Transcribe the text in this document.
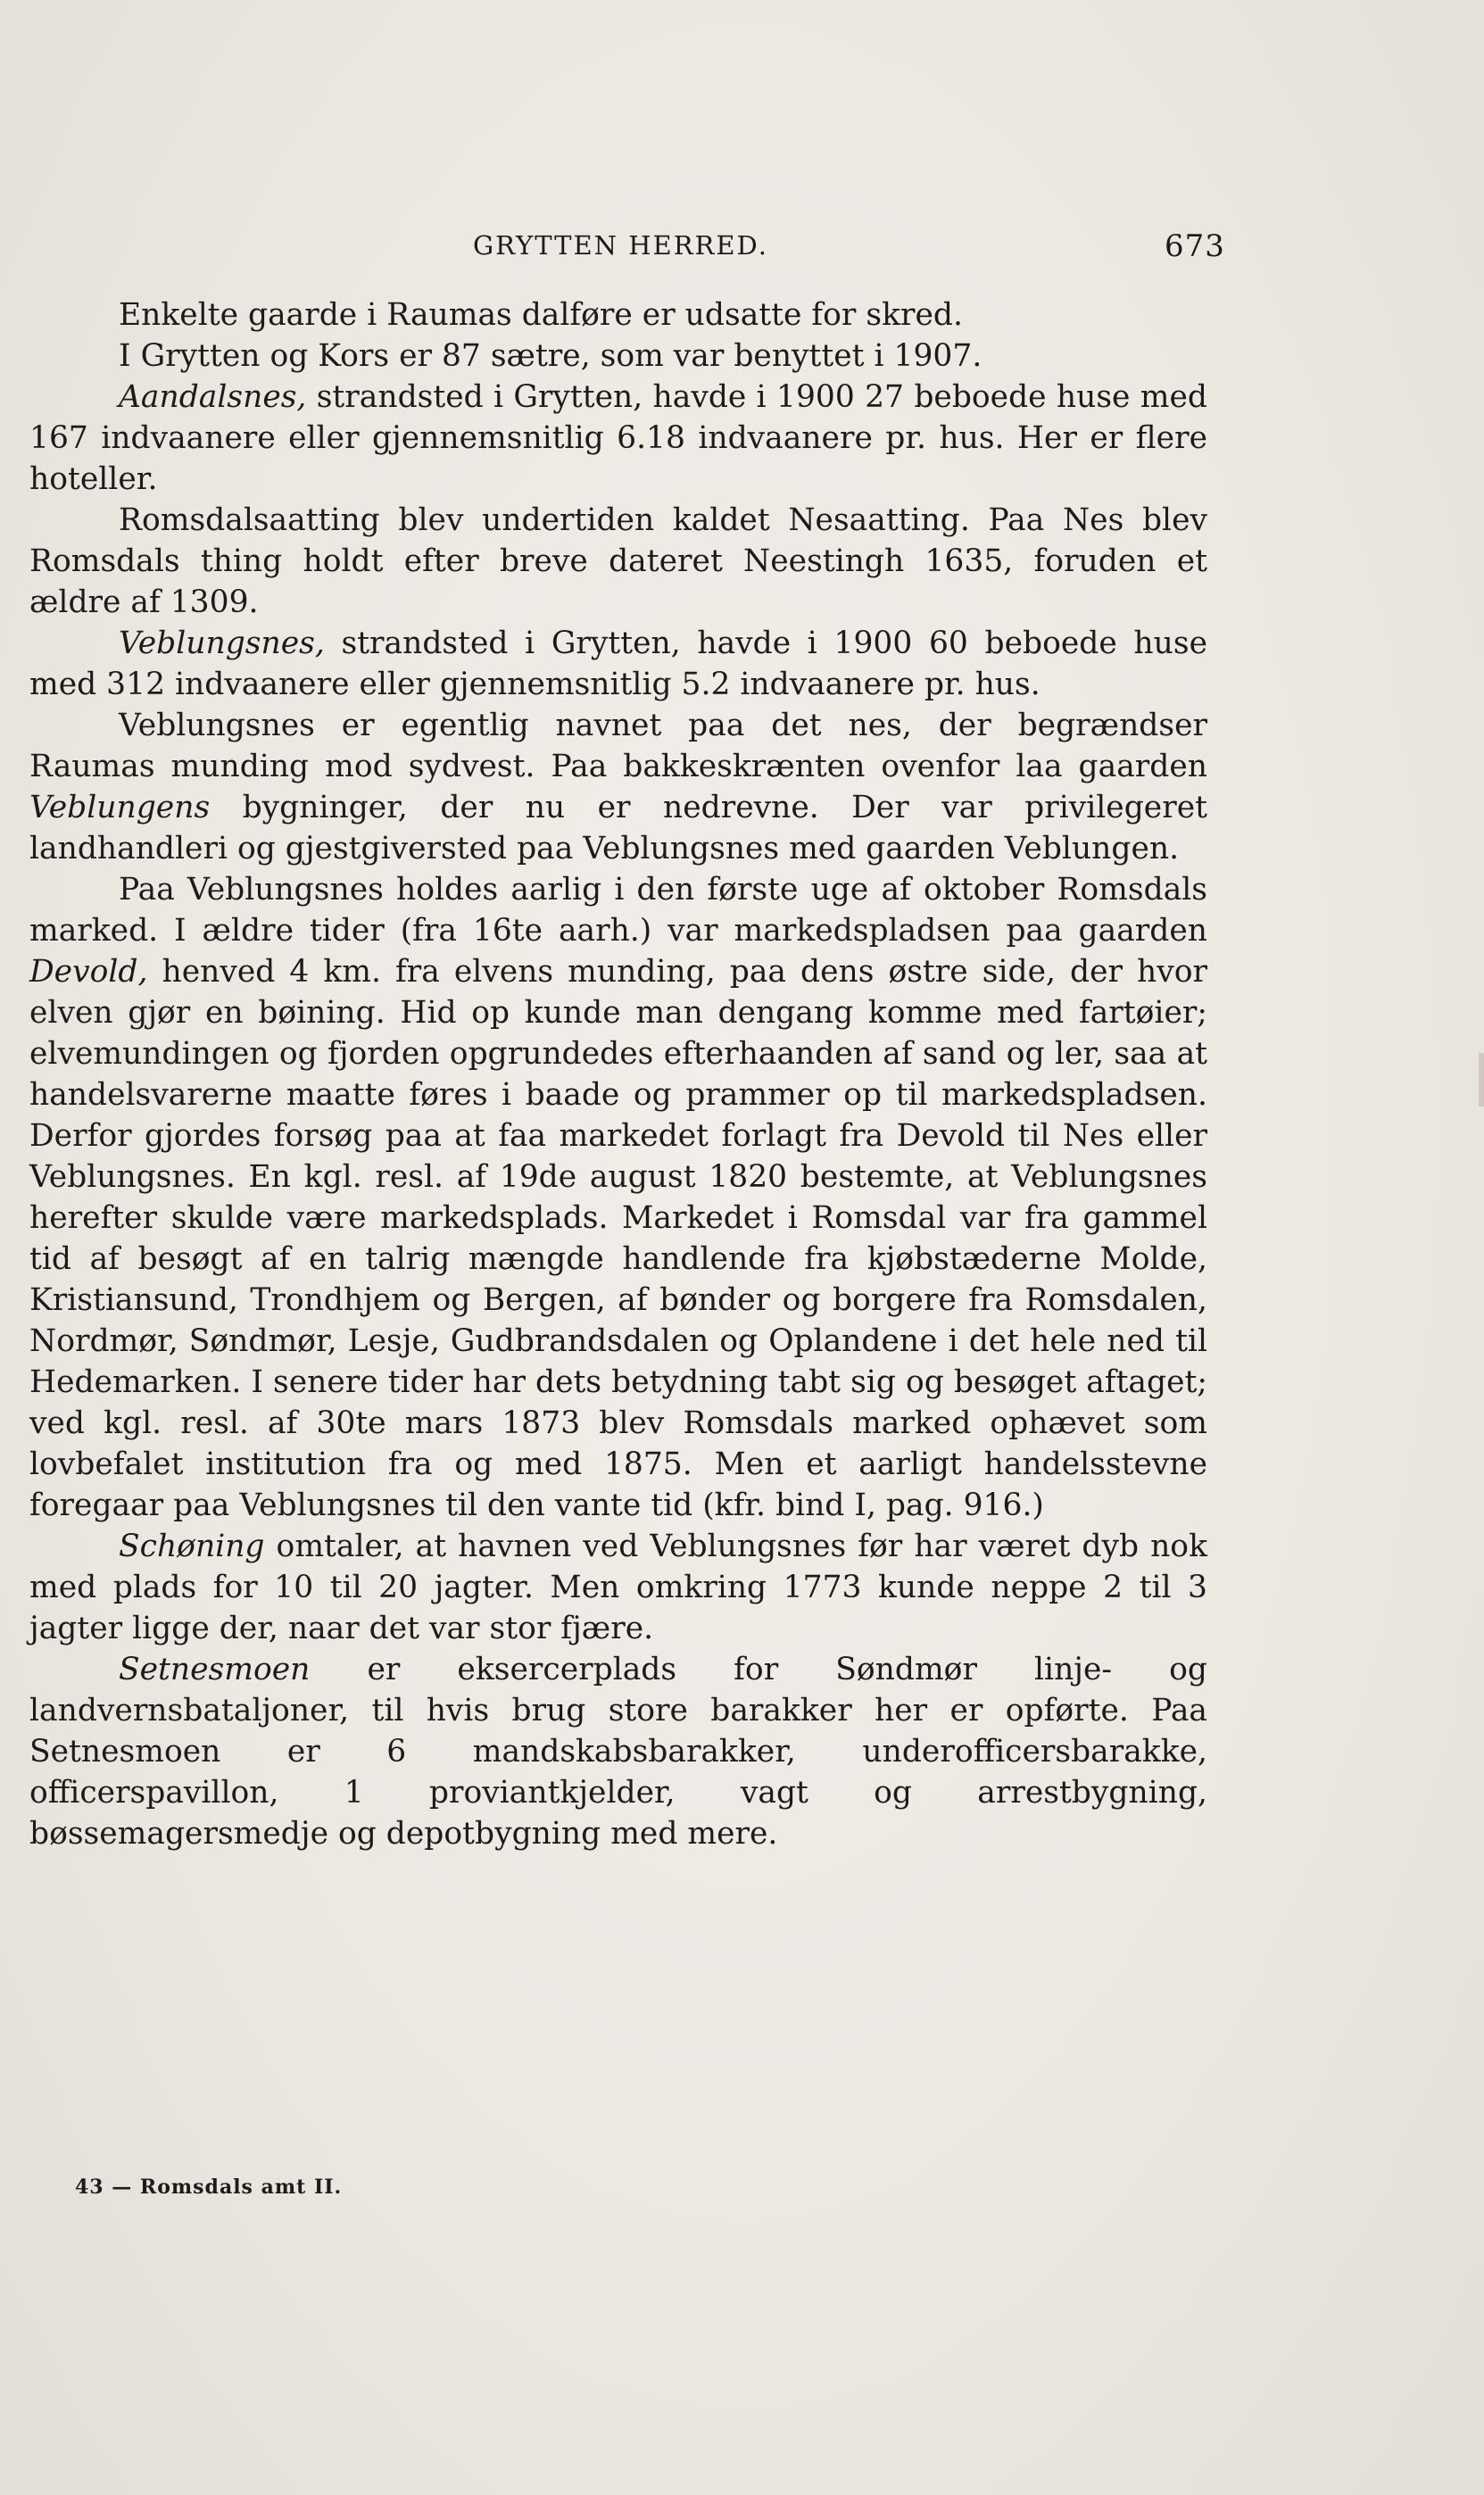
GRYTTEN HERRED.	673

Enkelte gaarde i Raumas dalføre er udsatte for skred.

I Grytten og Kors er 87 sætre, som var benyttet i 1907.

Aandalsnes, strandsted i Grytten, havde i 1900 27 beboede huse med 167 indvaanere eller gjennemsnitlig 6.18 indvaanere pr. hus. Her er flere hoteller.

Romsdalsaatting blev undertiden kaldet Nesaatting. Paa Nes blev Romsdals thing holdt efter breve dateret Neestingh 1635, foruden et ældre af 1309.

Veblungsnes, strandsted i Grytten, havde i 1900 60 beboede huse med 312 indvaanere eller gjennemsnitlig 5.2 indvaanere pr. hus.

Veblungsnes er egentlig navnet paa det nes, der begrændser Raumas munding mod sydvest. Paa bakkeskrænten ovenfor laa gaarden Veblungens bygninger, der nu er nedrevne. Der var privilegeret landhandleri og gjestgiversted paa Veblungsnes med gaarden Veblungen.

Paa Veblungsnes holdes aarlig i den første uge af oktober Romsdals marked. I ældre tider (fra 16te aarh.) var markedspladsen paa gaarden Devold, henved 4 km. fra elvens munding, paa dens østre side, der hvor elven gjør en bøining. Hid op kunde man dengang komme med fartøier; elvemundingen og fjorden opgrundedes efterhaanden af sand og ler, saa at handelsvarerne maatte føres i baade og prammer op til markedspladsen. Derfor gjordes forsøg paa at faa markedet forlagt fra Devold til Nes eller Veblungsnes. En kgl. resl. af 19de august 1820 bestemte, at Veblungsnes herefter skulde være markedsplads. Markedet i Romsdal var fra gammel tid af besøgt af en talrig mængde handlende fra kjøbstæderne Molde, Kristiansund, Trondhjem og Bergen, af bønder og borgere fra Romsdalen, Nordmør, Søndmør, Lesje, Gudbrandsdalen og Oplandene i det hele ned til Hedemarken. I senere tider har dets betydning tabt sig og besøget aftaget; ved kgl. resl. af 30te mars 1873 blev Romsdals marked ophævet som lovbefalet institution fra og med 1875. Men et aarligt handelsstevne foregaar paa Veblungsnes til den vante tid (kfr. bind I, pag. 916.)

Schøning omtaler, at havnen ved Veblungsnes før har været dyb nok med plads for 10 til 20 jagter. Men omkring 1773 kunde neppe 2 til 3 jagter ligge der, naar det var stor fjære.

Setnesmoen er eksercerplads for Søndmør linje- og landvernsbataljoner, til hvis brug store barakker her er opførte. Paa Setnesmoen er 6 mandskabsbarakker, underofficersbarakke, officerspavillon, 1 proviantkjelder, vagt og arrestbygning, bøssemagersmedje og depotbygning med mere.

43 — Romsdals amt II.
